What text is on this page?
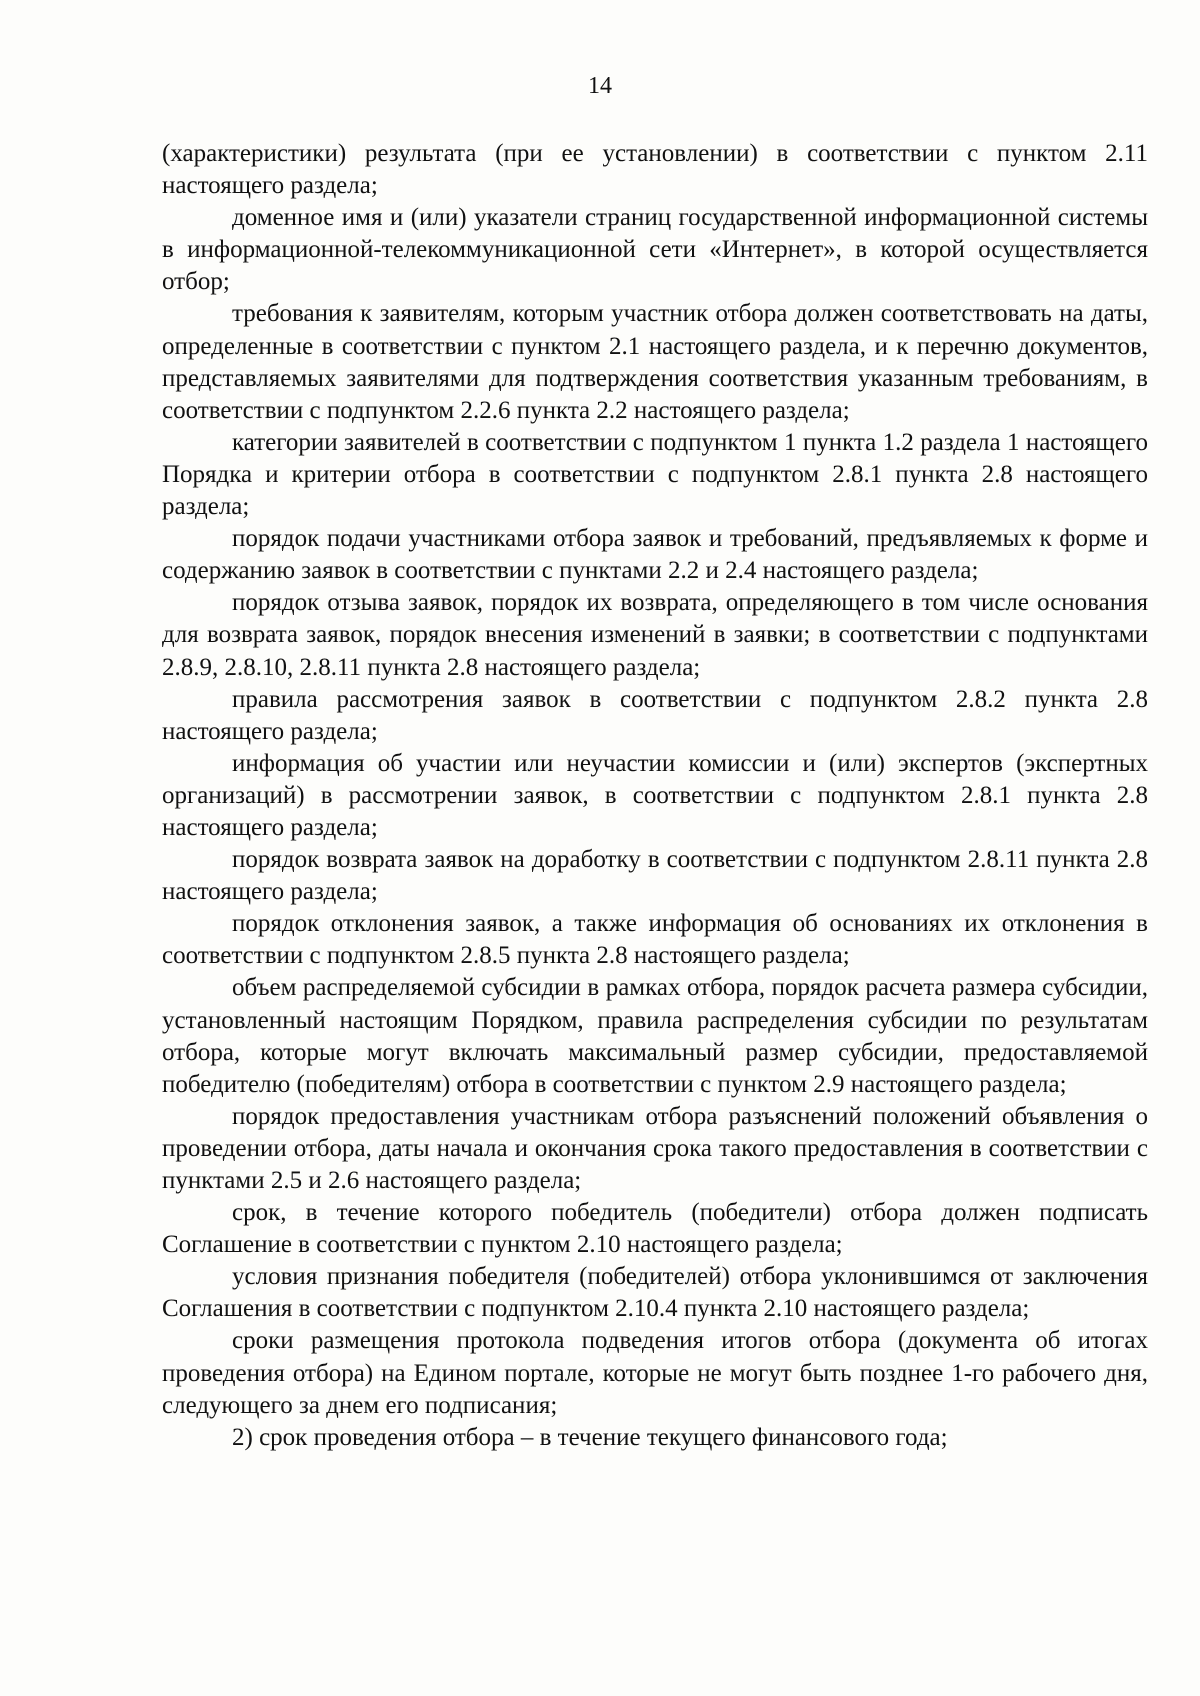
14

(характеристики) результата (при ее установлении) в соответствии с пунктом 2.11 настоящего раздела;

доменное имя и (или) указатели страниц государственной информационной системы в информационной-телекоммуникационной сети «Интернет», в которой осуществляется отбор;

требования к заявителям, которым участник отбора должен соответствовать на даты, определенные в соответствии с пунктом 2.1 настоящего раздела, и к перечню документов, представляемых заявителями для подтверждения соответствия указанным требованиям, в соответствии с подпунктом 2.2.6 пункта 2.2 настоящего раздела;

категории заявителей в соответствии с подпунктом 1 пункта 1.2 раздела 1 настоящего Порядка и критерии отбора в соответствии с подпунктом 2.8.1 пункта 2.8 настоящего раздела;

порядок подачи участниками отбора заявок и требований, предъявляемых к форме и содержанию заявок в соответствии с пунктами 2.2 и 2.4 настоящего раздела;

порядок отзыва заявок, порядок их возврата, определяющего в том числе основания для возврата заявок, порядок внесения изменений в заявки; в соответствии с подпунктами 2.8.9, 2.8.10, 2.8.11 пункта 2.8 настоящего раздела;

правила рассмотрения заявок в соответствии с подпунктом 2.8.2 пункта 2.8 настоящего раздела;

информация об участии или неучастии комиссии и (или) экспертов (экспертных организаций) в рассмотрении заявок, в соответствии с подпунктом 2.8.1 пункта 2.8 настоящего раздела;

порядок возврата заявок на доработку в соответствии с подпунктом 2.8.11 пункта 2.8 настоящего раздела;

порядок отклонения заявок, а также информация об основаниях их отклонения в соответствии с подпунктом 2.8.5 пункта 2.8 настоящего раздела;

объем распределяемой субсидии в рамках отбора, порядок расчета размера субсидии, установленный настоящим Порядком, правила распределения субсидии по результатам отбора, которые могут включать максимальный размер субсидии, предоставляемой победителю (победителям) отбора в соответствии с пунктом 2.9 настоящего раздела;

порядок предоставления участникам отбора разъяснений положений объявления о проведении отбора, даты начала и окончания срока такого предоставления в соответствии с пунктами 2.5 и 2.6 настоящего раздела;

срок, в течение которого победитель (победители) отбора должен подписать Соглашение в соответствии с пунктом 2.10 настоящего раздела;

условия признания победителя (победителей) отбора уклонившимся от заключения Соглашения в соответствии с подпунктом 2.10.4 пункта 2.10 настоящего раздела;

сроки размещения протокола подведения итогов отбора (документа об итогах проведения отбора) на Едином портале, которые не могут быть позднее 1-го рабочего дня, следующего за днем его подписания;

2) срок проведения отбора – в течение текущего финансового года;
